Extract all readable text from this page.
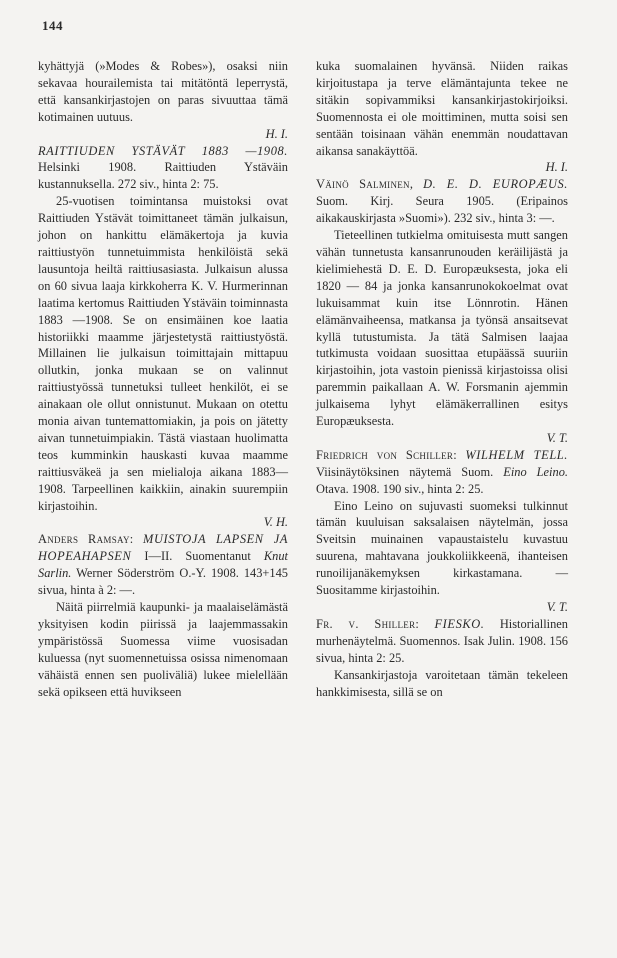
144

kyhättyjä (»Modes & Robes»), osaksi niin sekavaa hourailemista tai mitätöntä leperrystä, että kansankirjastojen on paras sivuuttaa tämä kotimainen uutuus.

H. I.

RAITTIUDEN YSTÄVÄT 1883 —1908. Helsinki 1908. Raittiuden Ystäväin kustannuksella. 272 siv., hinta 2: 75.

25-vuotisen toimintansa muistoksi ovat Raittiuden Ystävät toimittaneet tämän julkaisun, johon on hankittu elämäkertoja ja kuvia raittiustyön tunnetuimmista henkilöistä sekä lausuntoja heiltä raittiusasiasta. Julkaisun alussa on 60 sivua laaja kirkkoherra K. V. Hurmerinnan laatima kertomus Raittiuden Ystäväin toiminnasta 1883 —1908. Se on ensimäinen koe laatia historiikki maamme järjestetystä raittiustyöstä. Millainen lie julkaisun toimittajain mittapuu ollutkin, jonka mukaan se on valinnut raittiustyössä tunnetuksi tulleet henkilöt, ei se ainakaan ole ollut onnistunut. Mukaan on otettu monia aivan tuntemattomiakin, ja pois on jätetty aivan tunnetuimpiakin. Tästä viastaan huolimatta teos kumminkin hauskasti kuvaa maamme raittiusväkeä ja sen mielialoja aikana 1883—1908. Tarpeellinen kaikkiin, ainakin suurempiin kirjastoihin.

V. H.

Anders Ramsay: MUISTOJA LAPSEN JA HOPEAHAPSEN I—II. Suomentanut Knut Sarlin. Werner Söderström O.-Y. 1908. 143+145 sivua, hinta à 2: —.

Näitä piirrelmiä kaupunki- ja maalaiselämästä yksityisen kodin piirissä ja laajemmassakin ympäristössä Suomessa viime vuosisadan kuluessa (nyt suomennetuissa osissa nimenomaan vähäistä ennen sen puoliväliä) lukee mielellään sekä opikseen että huvikseen

kuka suomalainen hyvänsä. Niiden raikas kirjoitustapa ja terve elämäntajunta tekee ne sitäkin sopivammiksi kansankirjastokirjoiksi. Suomennosta ei ole moittiminen, mutta soisi sen sentään toisinaan vähän enemmän noudattavan aikansa sanakäyttöä.

H. I.

Väinö Salminen, D. E. D. EUROPÆUS. Suom. Kirj. Seura 1905. (Eripainos aikakauskirjasta »Suomi»). 232 siv., hinta 3: —.

Tieteellinen tutkielma omituisesta mutt sangen vähän tunnetusta kansanrunouden keräilijästä ja kielimiehestä D. E. D. Europæuksesta, joka eli 1820 — 84 ja jonka kansanrunokokoelmat ovat lukuisammat kuin itse Lönnrotin. Hänen elämänvaiheensa, matkansa ja työnsä ansaitsevat kyllä tutustumista. Ja tätä Salmisen laajaa tutkimusta voidaan suosittaa etupäässä suuriin kirjastoihin, jota vastoin pienissä kirjastoissa olisi paremmin paikallaan A. W. Forsmanin ajemmin julkaisema lyhyt elämäkerrallinen esitys Europæuksesta.

V. T.

Friedrich von Schiller: WILHELM TELL. Viisinäytöksinen näytemä Suom. Eino Leino. Otava. 1908. 190 siv., hinta 2: 25.

Eino Leino on sujuvasti suomeksi tulkinnut tämän kuuluisan saksalaisen näytelmän, jossa Sveitsin muinainen vapaustaistelu kuvastuu suurena, mahtavana joukkoliikkeenä, ihanteisen runoilijanäkemyksen kirkastamana. — Suositamme kirjastoihin.

V. T.

Fr. v. Shiller: FIESKO. Historiallinen murhenäytelmä. Suomennos. Isak Julin. 1908. 156 sivua, hinta 2: 25.

Kansankirjastoja varoitetaan tämän tekeleen hankkimisesta, sillä se on
